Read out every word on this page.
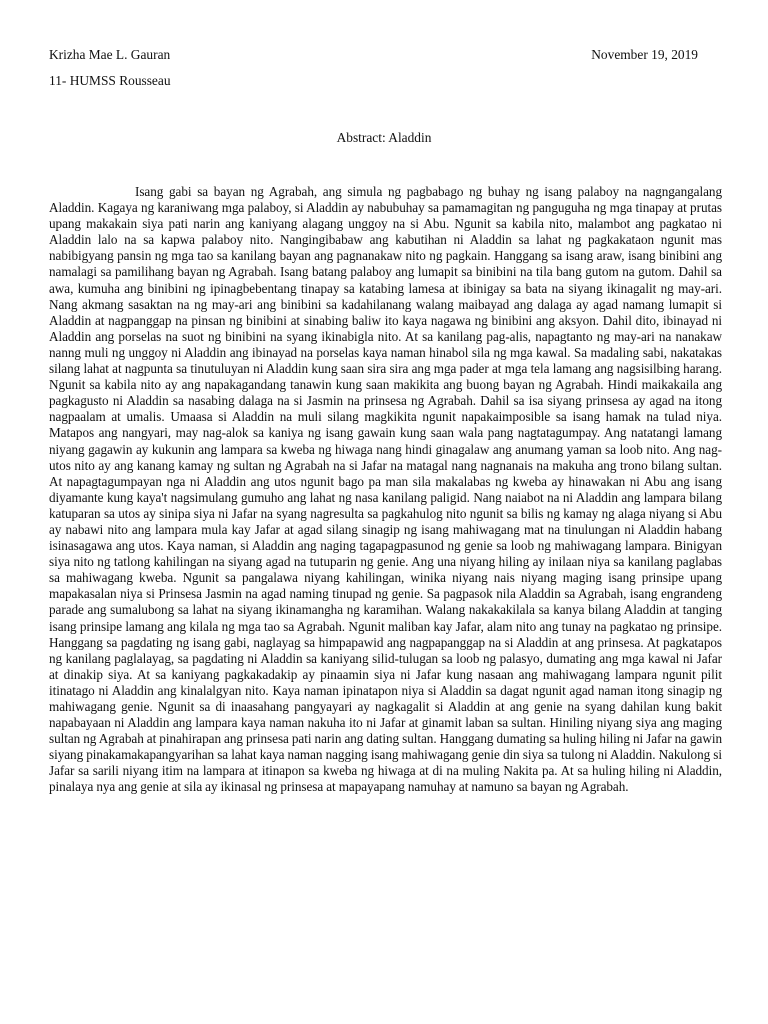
Krizha Mae L. Gauran	November 19, 2019
11- HUMSS Rousseau
Abstract: Aladdin

Isang gabi sa bayan ng Agrabah, ang simula ng pagbabago ng buhay ng isang palaboy na nagngangalang Aladdin. Kagaya ng karaniwang mga palaboy, si Aladdin ay nabubuhay sa pamamagitan ng panguguha ng mga tinapay at prutas upang makakain siya pati narin ang kaniyang alagang unggoy na si Abu. Ngunit sa kabila nito, malambot ang pagkatao ni Aladdin lalo na sa kapwa palaboy nito. Nangingibabaw ang kabutihan ni Aladdin sa lahat ng pagkakataon ngunit mas nabibigyang pansin ng mga tao sa kanilang bayan ang pagnanakaw nito ng pagkain. Hanggang sa isang araw, isang binibini ang namalagi sa pamilihang bayan ng Agrabah. Isang batang palaboy ang lumapit sa binibini na tila bang gutom na gutom. Dahil sa awa, kumuha ang binibini ng ipinagbebentang tinapay sa katabing lamesa at ibinigay sa bata na siyang ikinagalit ng may-ari. Nang akmang sasaktan na ng may-ari ang binibini sa kadahilanang walang maibayad ang dalaga ay agad namang lumapit si Aladdin at nagpanggap na pinsan ng binibini at sinabing baliw ito kaya nagawa ng binibini ang aksyon. Dahil dito, ibinayad ni Aladdin ang porselas na suot ng binibini na syang ikinabigla nito. At sa kanilang pag-alis, napagtanto ng may-ari na nanakaw nanng muli ng unggoy ni Aladdin ang ibinayad na porselas kaya naman hinabol sila ng mga kawal. Sa madaling sabi, nakatakas silang lahat at nagpunta sa tinutuluyan ni Aladdin kung saan sira sira ang mga pader at mga tela lamang ang nagsisilbing harang. Ngunit sa kabila nito ay ang napakagandang tanawin kung saan makikita ang buong bayan ng Agrabah. Hindi maikakaila ang pagkagusto ni Aladdin sa nasabing dalaga na si Jasmin na prinsesa ng Agrabah. Dahil sa isa siyang prinsesa ay agad na itong nagpaalam at umalis. Umaasa si Aladdin na muli silang magkikita ngunit napakaimposible sa isang hamak na tulad niya. Matapos ang nangyari, may nag-alok sa kaniya ng isang gawain kung saan wala pang nagtatagumpay. Ang natatangi lamang niyang gagawin ay kukunin ang lampara sa kweba ng hiwaga nang hindi ginagalaw ang anumang yaman sa loob nito. Ang nag-utos nito ay ang kanang kamay ng sultan ng Agrabah na si Jafar na matagal nang nagnanais na makuha ang trono bilang sultan. At napagtagumpayan nga ni Aladdin ang utos ngunit bago pa man sila makalabas ng kweba ay hinawakan ni Abu ang isang diyamante kung kaya't nagsimulang gumuho ang lahat ng nasa kanilang paligid. Nang naiabot na ni Aladdin ang lampara bilang katuparan sa utos ay sinipa siya ni Jafar na syang nagresulta sa pagkahulog nito ngunit sa bilis ng kamay ng alaga niyang si Abu ay nabawi nito ang lampara mula kay Jafar at agad silang sinagip ng isang mahiwagang mat na tinulungan ni Aladdin habang isinasagawa ang utos. Kaya naman, si Aladdin ang naging tagapagpasunod ng genie sa loob ng mahiwagang lampara. Binigyan siya nito ng tatlong kahilingan na siyang agad na tutuparin ng genie. Ang una niyang hiling ay inilaan niya sa kanilang paglabas sa mahiwagang kweba. Ngunit sa pangalawa niyang kahilingan, winika niyang nais niyang maging isang prinsipe upang mapakasalan niya si Prinsesa Jasmin na agad naming tinupad ng genie. Sa pagpasok nila Aladdin sa Agrabah, isang engrandeng parade ang sumalubong sa lahat na siyang ikinamangha ng karamihan. Walang nakakakilala sa kanya bilang Aladdin at tanging isang prinsipe lamang ang kilala ng mga tao sa Agrabah. Ngunit maliban kay Jafar, alam nito ang tunay na pagkatao ng prinsipe. Hanggang sa pagdating ng isang gabi, naglayag sa himpapawid ang nagpapanggap na si Aladdin at ang prinsesa. At pagkatapos ng kanilang paglalayag, sa pagdating ni Aladdin sa kaniyang silid-tulugan sa loob ng palasyo, dumating ang mga kawal ni Jafar at dinakip siya. At sa kaniyang pagkakadakip ay pinaamin siya ni Jafar kung nasaan ang mahiwagang lampara ngunit pilit itinatago ni Aladdin ang kinalalgyan nito. Kaya naman ipinatapon niya si Aladdin sa dagat ngunit agad naman itong sinagip ng mahiwagang genie. Ngunit sa di inaasahang pangyayari ay nagkagalit si Aladdin at ang genie na syang dahilan kung bakit napabayaan ni Aladdin ang lampara kaya naman nakuha ito ni Jafar at ginamit laban sa sultan. Hiniling niyang siya ang maging sultan ng Agrabah at pinahirapan ang prinsesa pati narin ang dating sultan. Hanggang dumating sa huling hiling ni Jafar na gawin siyang pinakamakapangyarihan sa lahat kaya naman nagging isang mahiwagang genie din siya sa tulong ni Aladdin. Nakulong si Jafar sa sarili niyang itim na lampara at itinapon sa kweba ng hiwaga at di na muling Nakita pa. At sa huling hiling ni Aladdin, pinalaya nya ang genie at sila ay ikinasal ng prinsesa at mapayapang namuhay at namuno sa bayan ng Agrabah.
